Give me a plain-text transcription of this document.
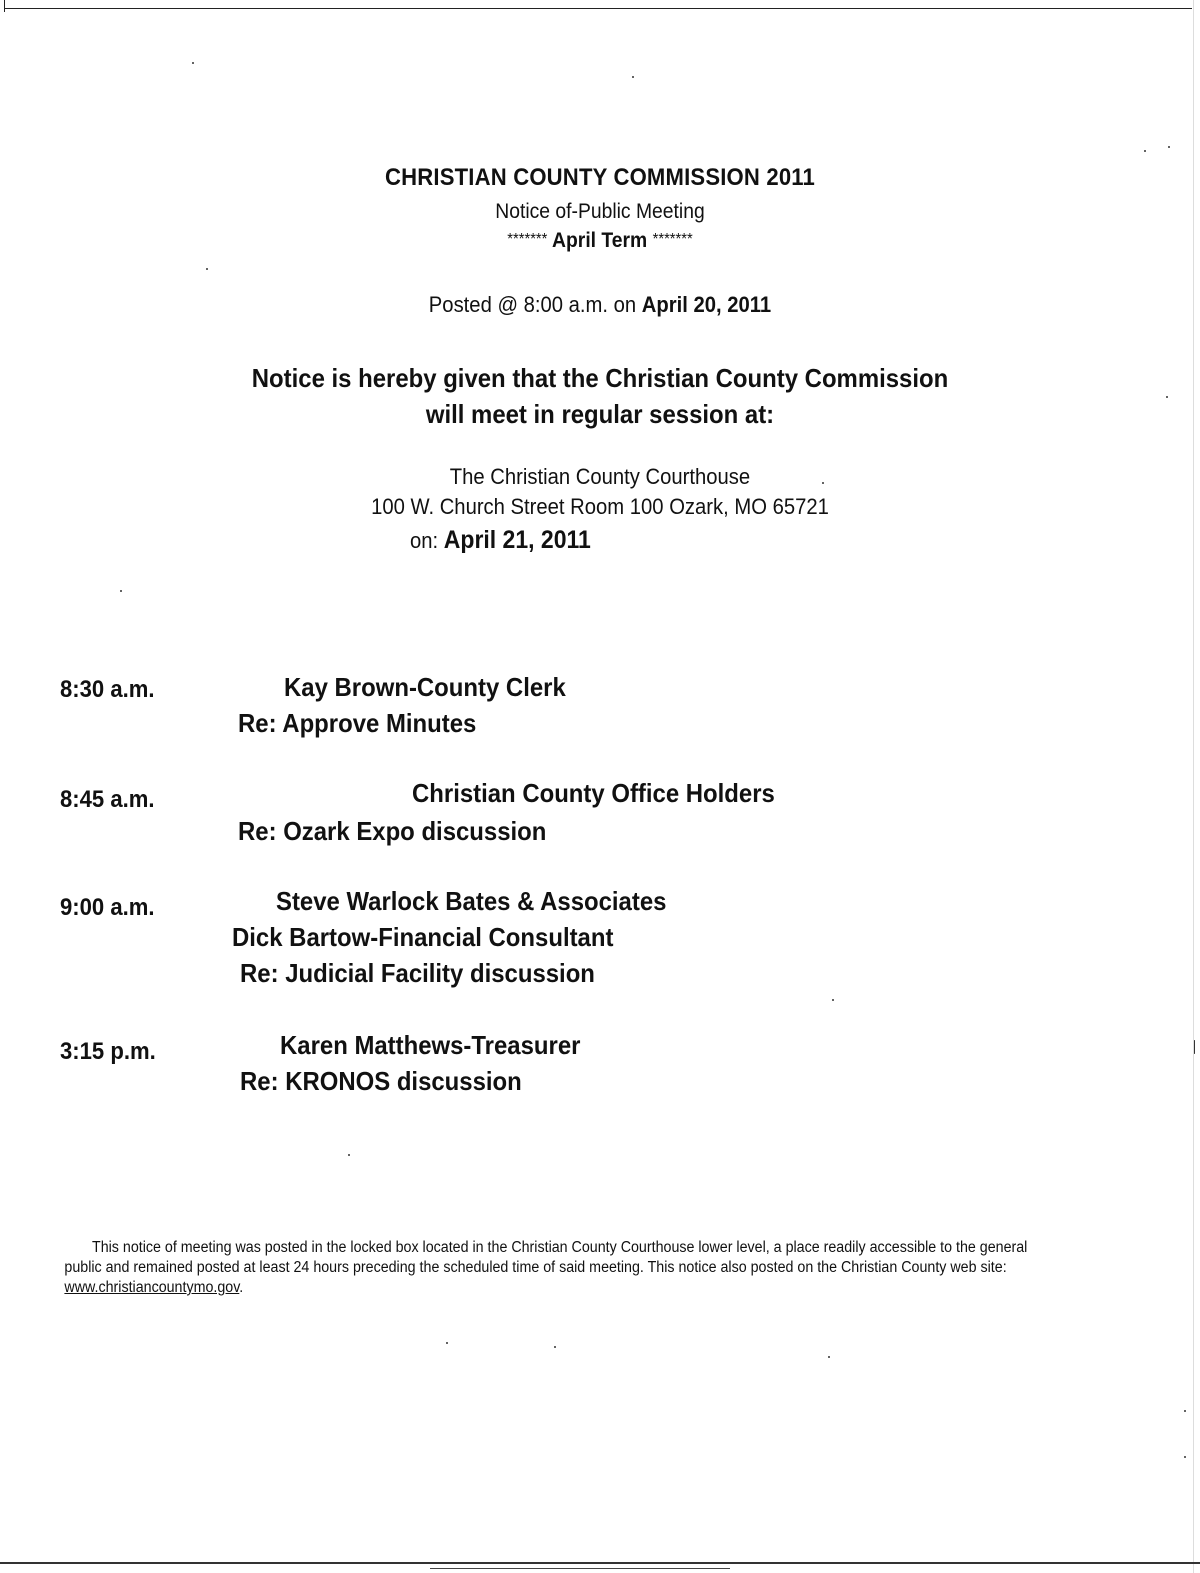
CHRISTIAN COUNTY COMMISSION 2011
Notice of-Public Meeting
******* April Term *******
Posted @ 8:00 a.m. on April 20, 2011
Notice is hereby given that the Christian County Commission
will meet in regular session at:
The Christian County Courthouse
100 W. Church Street Room 100 Ozark, MO 65721
on: April 21, 2011
8:30 a.m.	Kay Brown-County Clerk
Re: Approve Minutes
8:45 a.m.	Christian County Office Holders
Re: Ozark Expo discussion
9:00 a.m.	Steve Warlock Bates & Associates
Dick Bartow-Financial Consultant
Re: Judicial Facility discussion
3:15 p.m.	Karen Matthews-Treasurer
Re: KRONOS discussion
This notice of meeting was posted in the locked box located in the Christian County Courthouse lower level, a place readily accessible to the general
public and remained posted at least 24 hours preceding the scheduled time of said meeting. This notice also posted on the Christian County web site:
www.christiancountymo.gov.
